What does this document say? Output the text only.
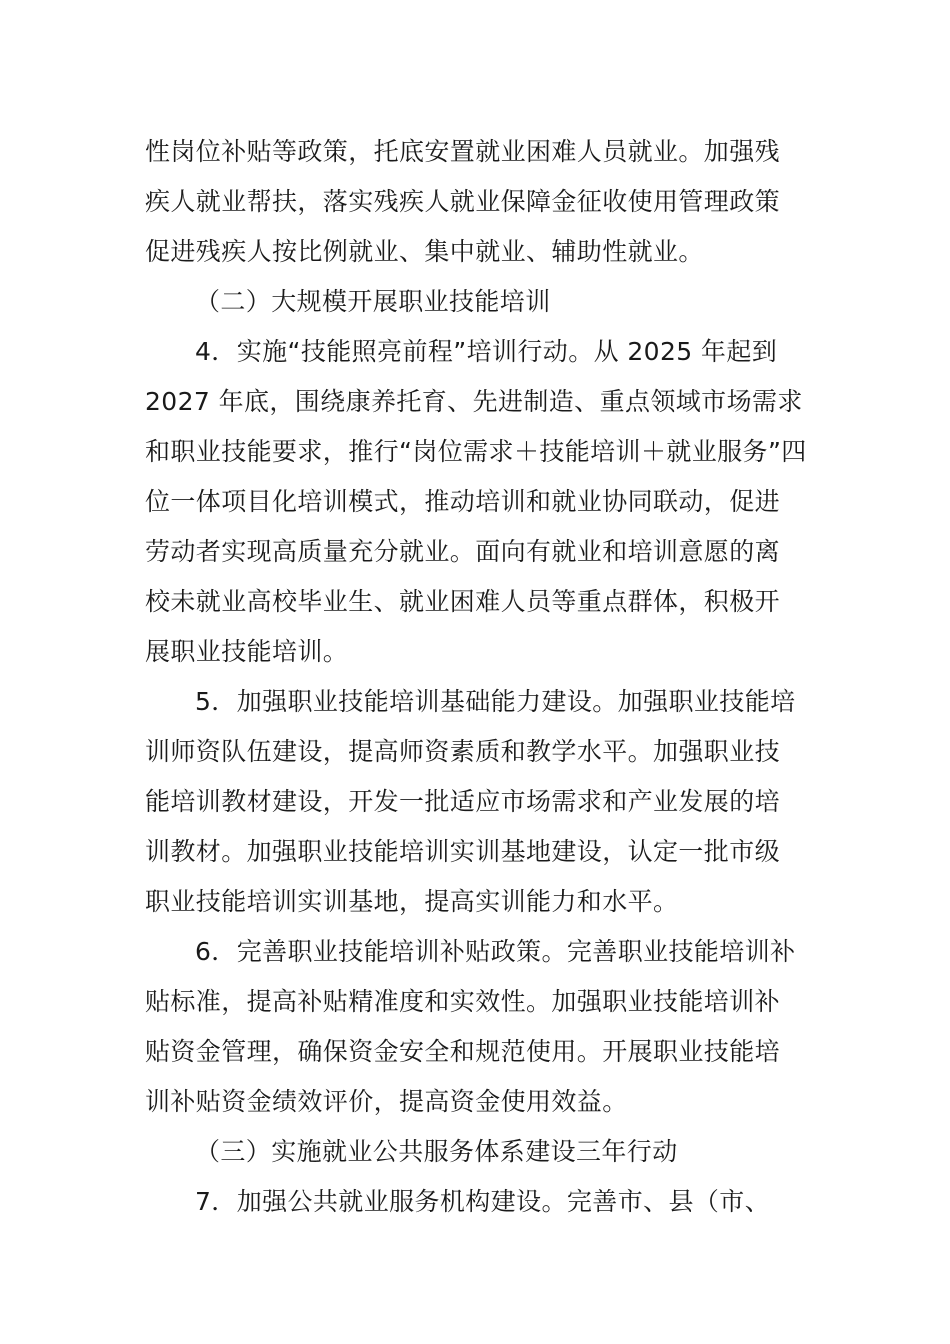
性岗位补贴等政策，托底安置就业困难人员就业。加强残
疾人就业帮扶，落实残疾人就业保障金征收使用管理政策
促进残疾人按比例就业、集中就业、辅助性就业。
（二）大规模开展职业技能培训
4．实施“技能照亮前程”培训行动。从 2025 年起到
2027 年底，围绕康养托育、先进制造、重点领域市场需求
和职业技能要求，推行“岗位需求＋技能培训＋就业服务”四
位一体项目化培训模式，推动培训和就业协同联动，促进
劳动者实现高质量充分就业。面向有就业和培训意愿的离
校未就业高校毕业生、就业困难人员等重点群体，积极开
展职业技能培训。
5．加强职业技能培训基础能力建设。加强职业技能培
训师资队伍建设，提高师资素质和教学水平。加强职业技
能培训教材建设，开发一批适应市场需求和产业发展的培
训教材。加强职业技能培训实训基地建设，认定一批市级
职业技能培训实训基地，提高实训能力和水平。
6．完善职业技能培训补贴政策。完善职业技能培训补
贴标准，提高补贴精准度和实效性。加强职业技能培训补
贴资金管理，确保资金安全和规范使用。开展职业技能培
训补贴资金绩效评价，提高资金使用效益。
（三）实施就业公共服务体系建设三年行动
7．加强公共就业服务机构建设。完善市、县（市、
